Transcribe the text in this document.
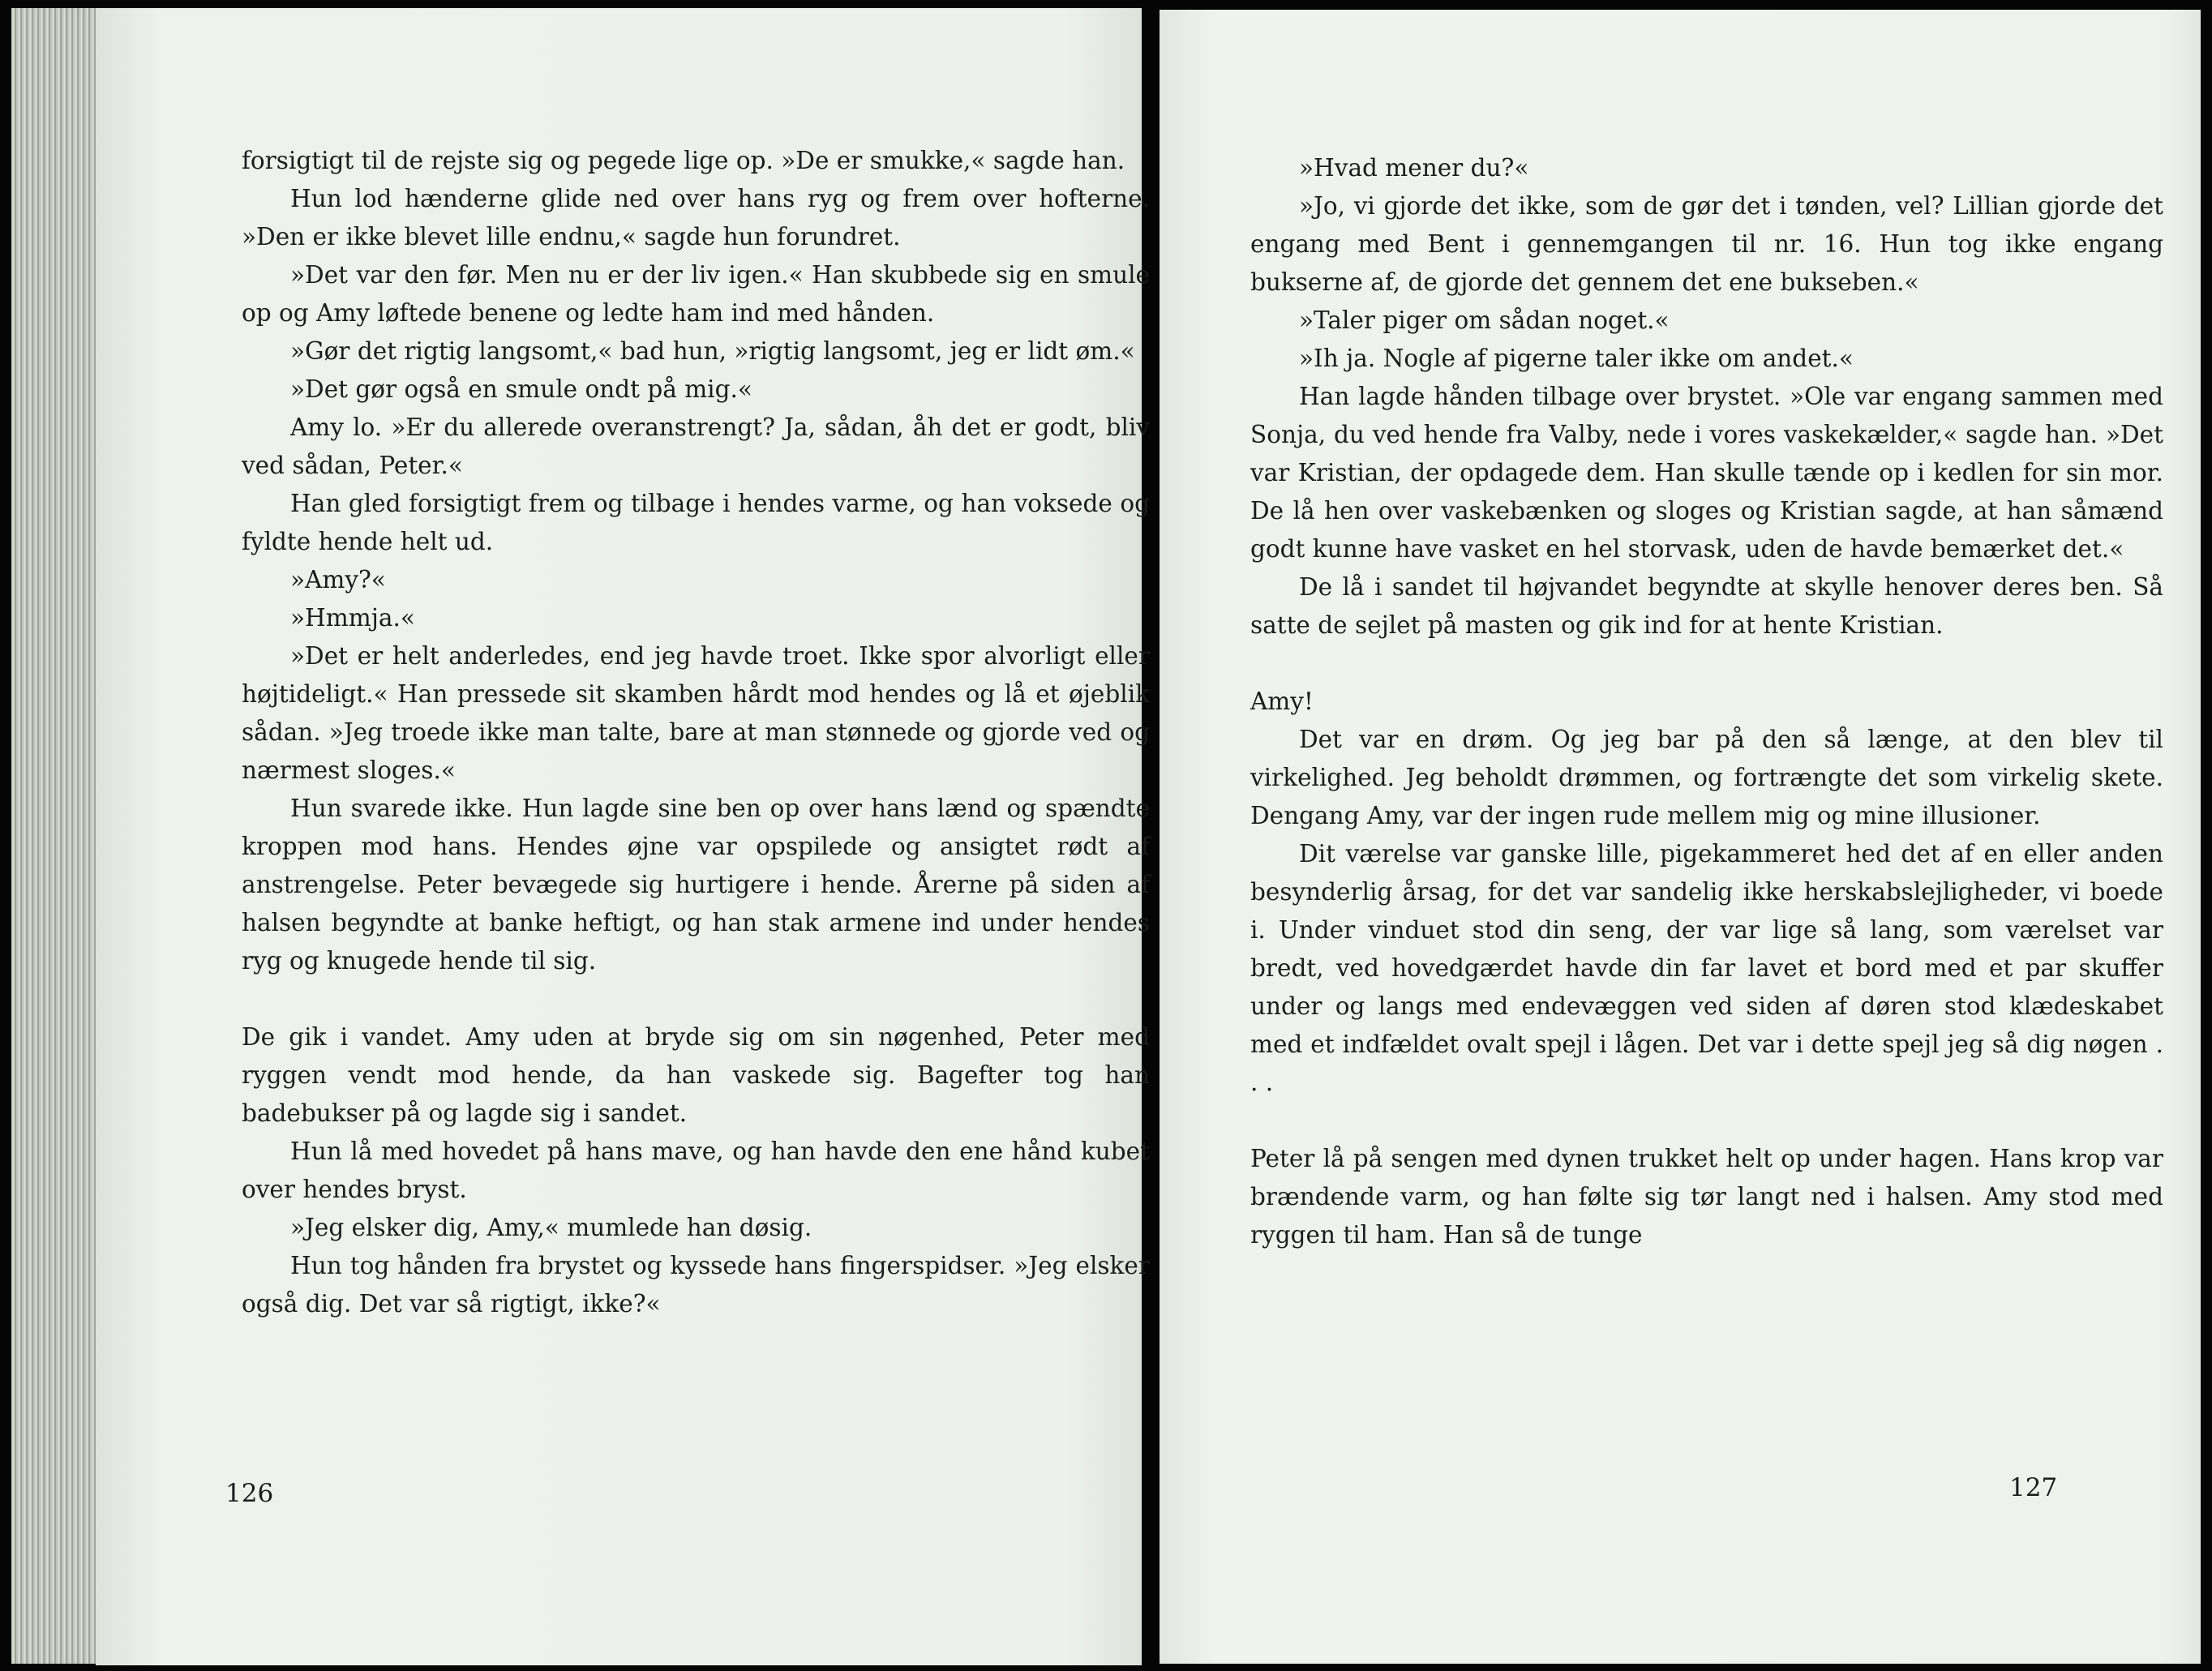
forsigtigt til de rejste sig og pegede lige op. »De er smukke,« sagde han.

Hun lod hænderne glide ned over hans ryg og frem over hofterne. »Den er ikke blevet lille endnu,« sagde hun forundret.

»Det var den før. Men nu er der liv igen.« Han skubbede sig en smule op og Amy løftede benene og ledte ham ind med hånden.

»Gør det rigtig langsomt,« bad hun, »rigtig langsomt, jeg er lidt øm.«

»Det gør også en smule ondt på mig.«

Amy lo. »Er du allerede overanstrengt? Ja, sådan, åh det er godt, bliv ved sådan, Peter.«

Han gled forsigtigt frem og tilbage i hendes varme, og han voksede og fyldte hende helt ud.

»Amy?«

»Hmmja.«

»Det er helt anderledes, end jeg havde troet. Ikke spor alvorligt eller højtideligt.« Han pressede sit skamben hårdt mod hendes og lå et øjeblik sådan. »Jeg troede ikke man talte, bare at man stønnede og gjorde ved og nærmest sloges.«

Hun svarede ikke. Hun lagde sine ben op over hans lænd og spændte kroppen mod hans. Hendes øjne var opspilede og ansigtet rødt af anstrengelse. Peter bevægede sig hurtigere i hende. Årerne på siden af halsen begyndte at banke heftigt, og han stak armene ind under hendes ryg og knugede hende til sig.

De gik i vandet. Amy uden at bryde sig om sin nøgenhed, Peter med ryggen vendt mod hende, da han vaskede sig. Bagefter tog han badebukser på og lagde sig i sandet.

Hun lå med hovedet på hans mave, og han havde den ene hånd kubet over hendes bryst.

»Jeg elsker dig, Amy,« mumlede han døsig.

Hun tog hånden fra brystet og kyssede hans fingerspidser. »Jeg elsker også dig. Det var så rigtigt, ikke?«

126

»Hvad mener du?«

»Jo, vi gjorde det ikke, som de gør det i tønden, vel? Lillian gjorde det engang med Bent i gennemgangen til nr. 16. Hun tog ikke engang bukserne af, de gjorde det gennem det ene bukseben.«

»Taler piger om sådan noget.«

»Ih ja. Nogle af pigerne taler ikke om andet.«

Han lagde hånden tilbage over brystet. »Ole var engang sammen med Sonja, du ved hende fra Valby, nede i vores vaskekælder,« sagde han. »Det var Kristian, der opdagede dem. Han skulle tænde op i kedlen for sin mor. De lå hen over vaskebænken og sloges og Kristian sagde, at han såmænd godt kunne have vasket en hel storvask, uden de havde bemærket det.«

De lå i sandet til højvandet begyndte at skylle henover deres ben. Så satte de sejlet på masten og gik ind for at hente Kristian.

Amy!

Det var en drøm. Og jeg bar på den så længe, at den blev til virkelighed. Jeg beholdt drømmen, og fortrængte det som virkelig skete. Dengang Amy, var der ingen rude mellem mig og mine illusioner.

Dit værelse var ganske lille, pigekammeret hed det af en eller anden besynderlig årsag, for det var sandelig ikke herskabslejligheder, vi boede i. Under vinduet stod din seng, der var lige så lang, som værelset var bredt, ved hovedgærdet havde din far lavet et bord med et par skuffer under og langs med endevæggen ved siden af døren stod klædeskabet med et indfældet ovalt spejl i lågen. Det var i dette spejl jeg så dig nøgen . . .

Peter lå på sengen med dynen trukket helt op under hagen. Hans krop var brændende varm, og han følte sig tør langt ned i halsen. Amy stod med ryggen til ham. Han så de tunge

127
